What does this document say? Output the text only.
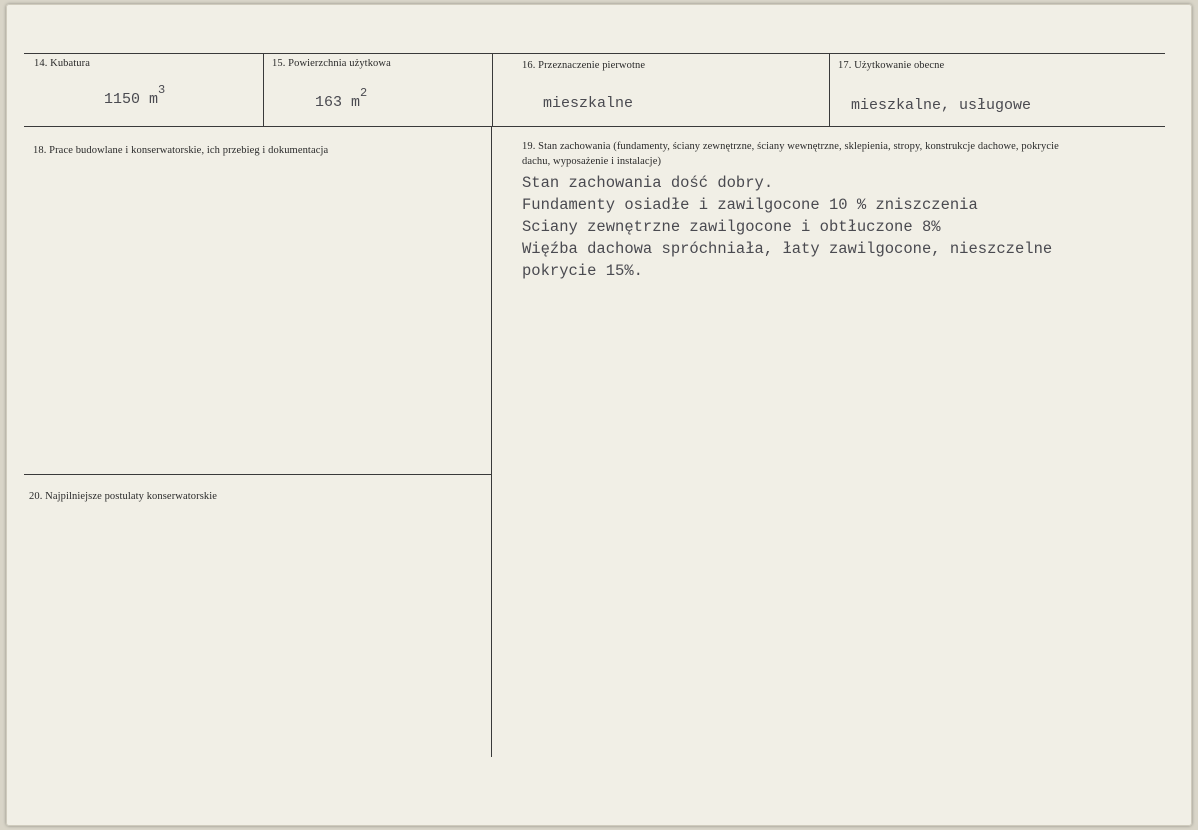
14. Kubatura
1150 $m^3$
15. Powierzchnia użytkowa
163 $m^2$
16. Przeznaczenie pierwotne
mieszkalne
17. Użytkowanie obecne
mieszkalne, usługowe
18. Prace budowlane i konserwatorskie, ich przebieg i dokumentacja	19. Stan zachowania (fundamenty, ściany zewnętrzne, ściany wewnętrzne, sklepienia, stropy, konstrukcje dachowe, pokrycie dachu, wyposażenie i instalacje)
Stan zachowania dość dobry.
Fundamenty osiadłe i zawilgocone 10 % zniszczenia
Sciany zewnętrzne zawilgocone i obtłuczone 8%
Więźba dachowa spróchniała, łaty zawilgocone, nieszczelne
pokrycie 15%.
20. Najpilniejsze postulaty konserwatorskie
